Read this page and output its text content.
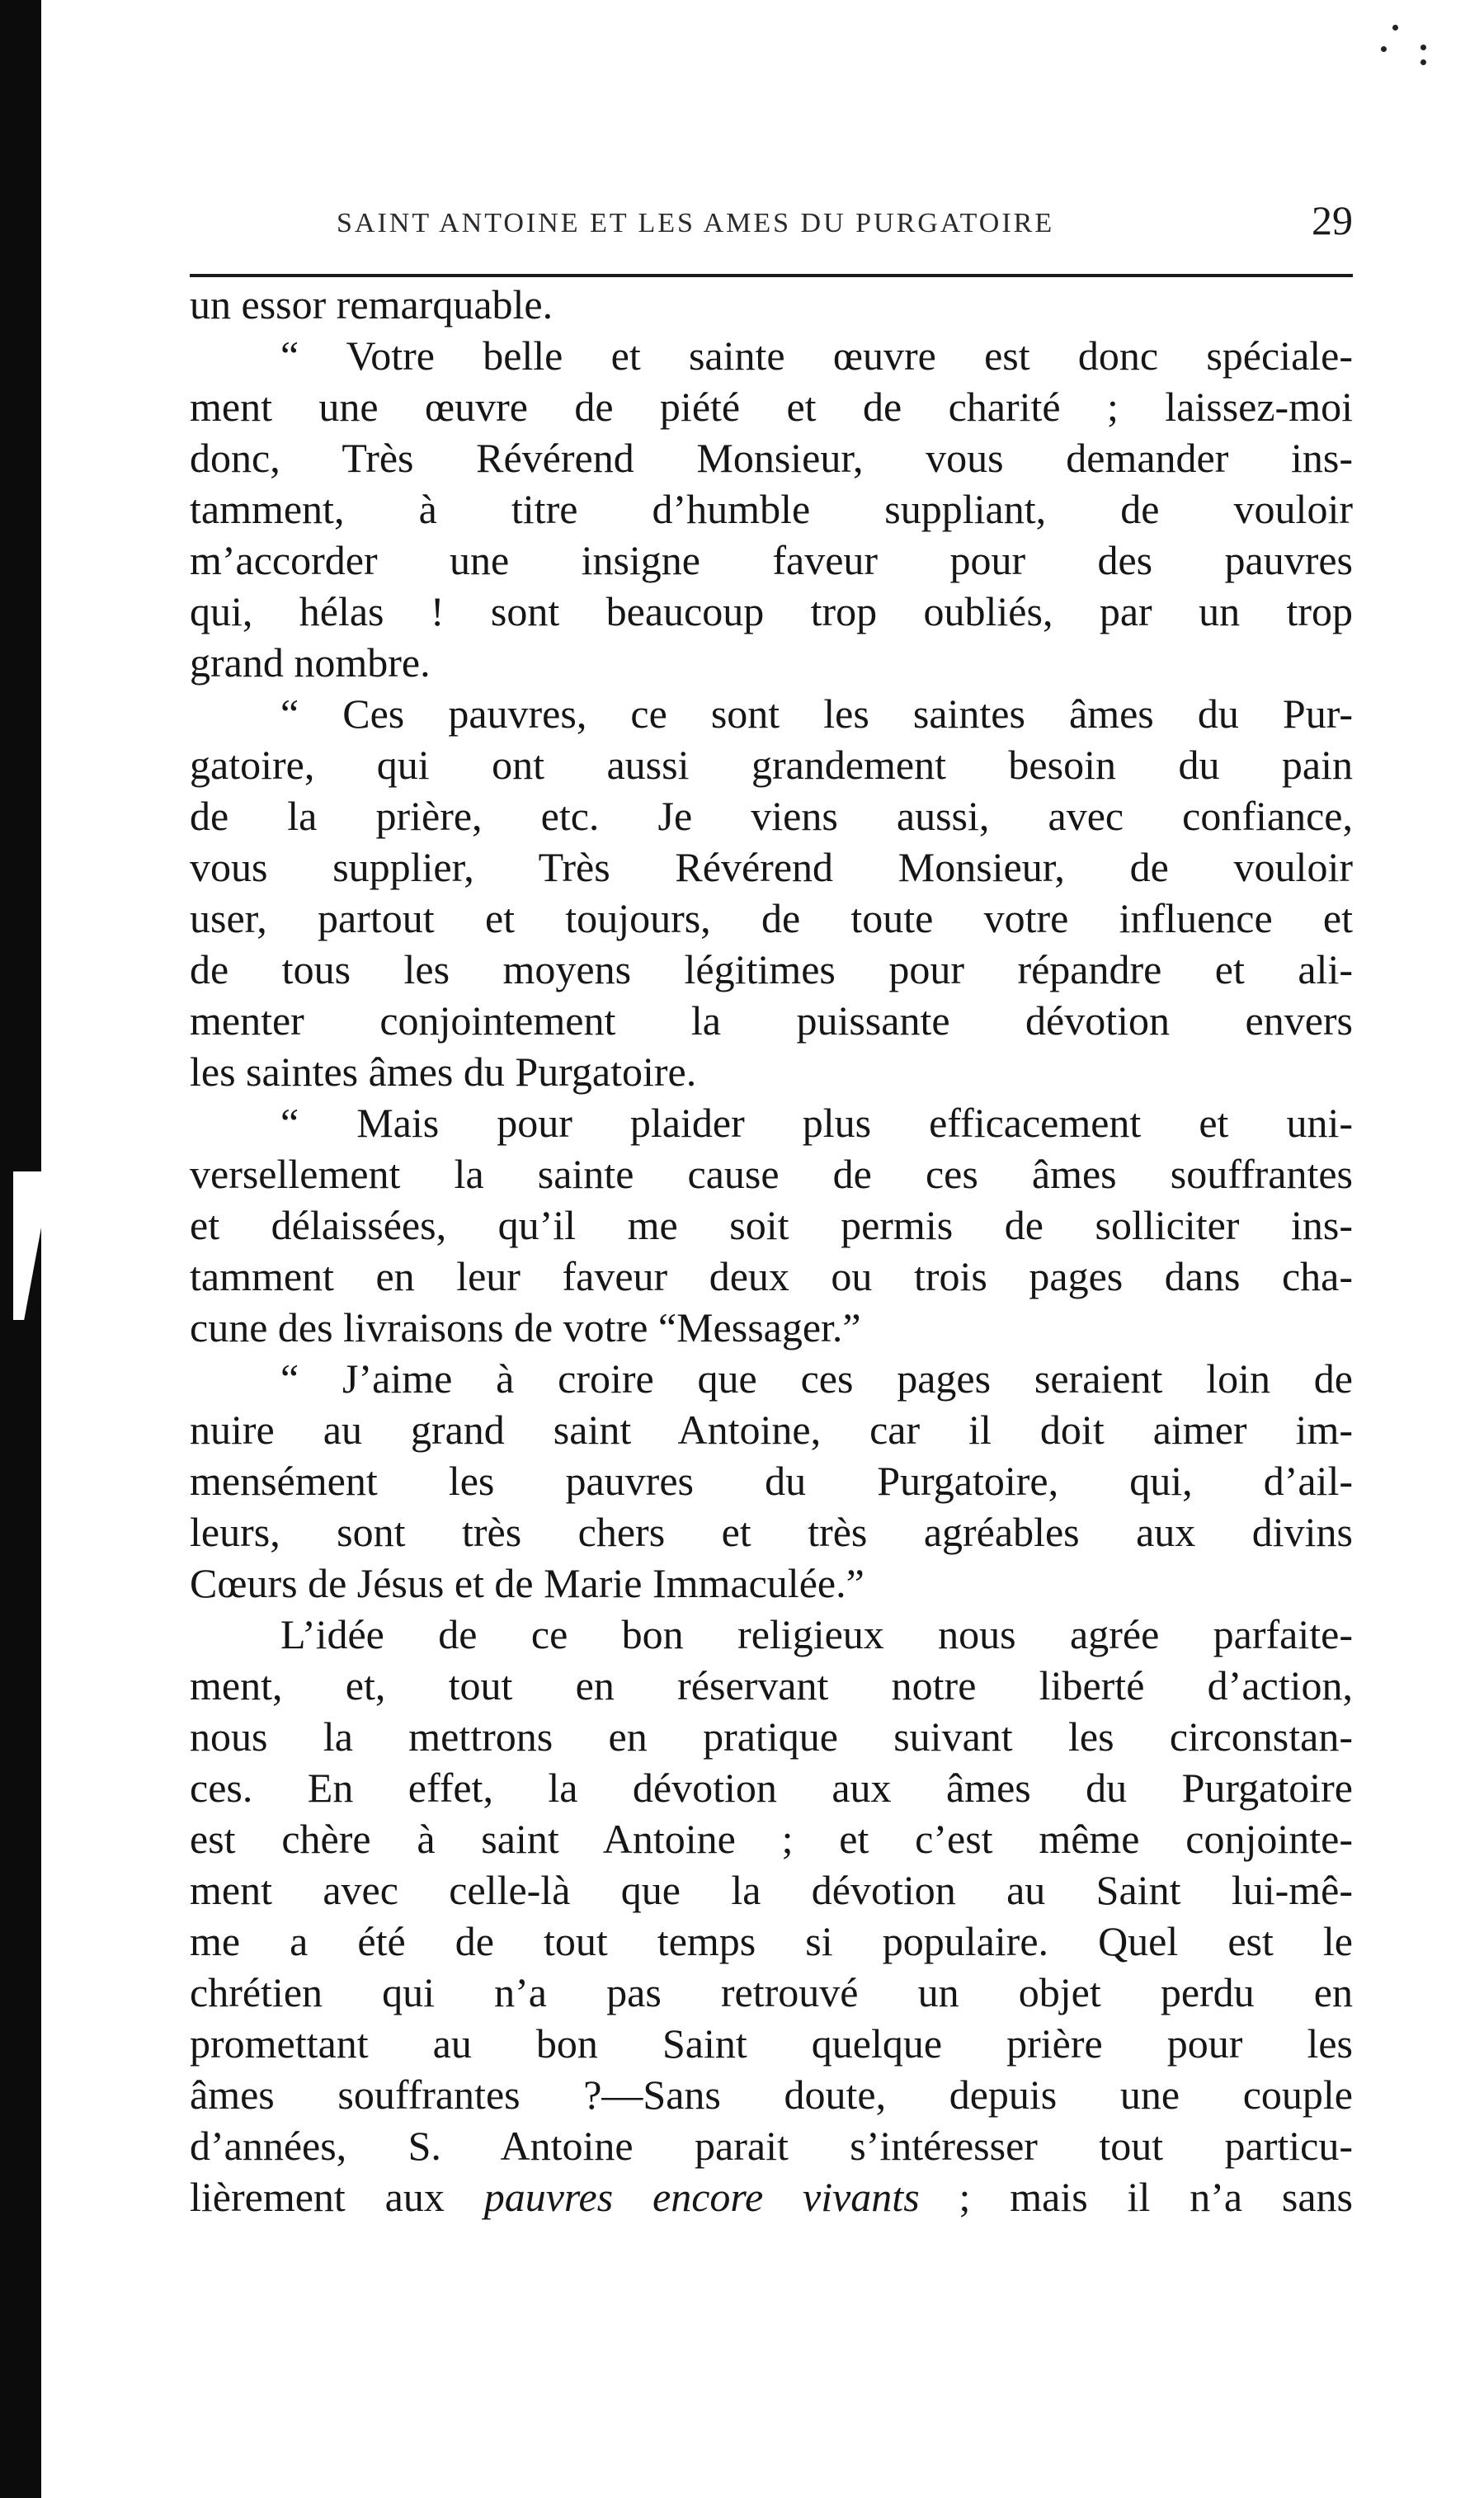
SAINT ANTOINE ET LES AMES DU PURGATOIRE	29
un essor remarquable.
“ Votre belle et sainte œuvre est donc spéciale-
ment une œuvre de piété et de charité ; laissez-moi
donc, Très Révérend Monsieur, vous demander ins-
tamment, à titre d’humble suppliant, de vouloir
m’accorder une insigne faveur pour des pauvres
qui, hélas ! sont beaucoup trop oubliés, par un trop
grand nombre.
“ Ces pauvres, ce sont les saintes âmes du Pur-
gatoire, qui ont aussi grandement besoin du pain
de la prière, etc. Je viens aussi, avec confiance,
vous supplier, Très Révérend Monsieur, de vouloir
user, partout et toujours, de toute votre influence et
de tous les moyens légitimes pour répandre et ali-
menter conjointement la puissante dévotion envers
les saintes âmes du Purgatoire.
“ Mais pour plaider plus efficacement et uni-
versellement la sainte cause de ces âmes souffrantes
et délaissées, qu’il me soit permis de solliciter ins-
tamment en leur faveur deux ou trois pages dans cha-
cune des livraisons de votre “Messager.”
“ J’aime à croire que ces pages seraient loin de
nuire au grand saint Antoine, car il doit aimer im-
mensément les pauvres du Purgatoire, qui, d’ail-
leurs, sont très chers et très agréables aux divins
Cœurs de Jésus et de Marie Immaculée.”
L’idée de ce bon religieux nous agrée parfaite-
ment, et, tout en réservant notre liberté d’action,
nous la mettrons en pratique suivant les circonstan-
ces. En effet, la dévotion aux âmes du Purgatoire
est chère à saint Antoine ; et c’est même conjointe-
ment avec celle-là que la dévotion au Saint lui-mê-
me a été de tout temps si populaire. Quel est le
chrétien qui n’a pas retrouvé un objet perdu en
promettant au bon Saint quelque prière pour les
âmes souffrantes ?—Sans doute, depuis une couple
d’années, S. Antoine parait s’intéresser tout particu-
lièrement aux pauvres encore vivants ; mais il n’a sans
